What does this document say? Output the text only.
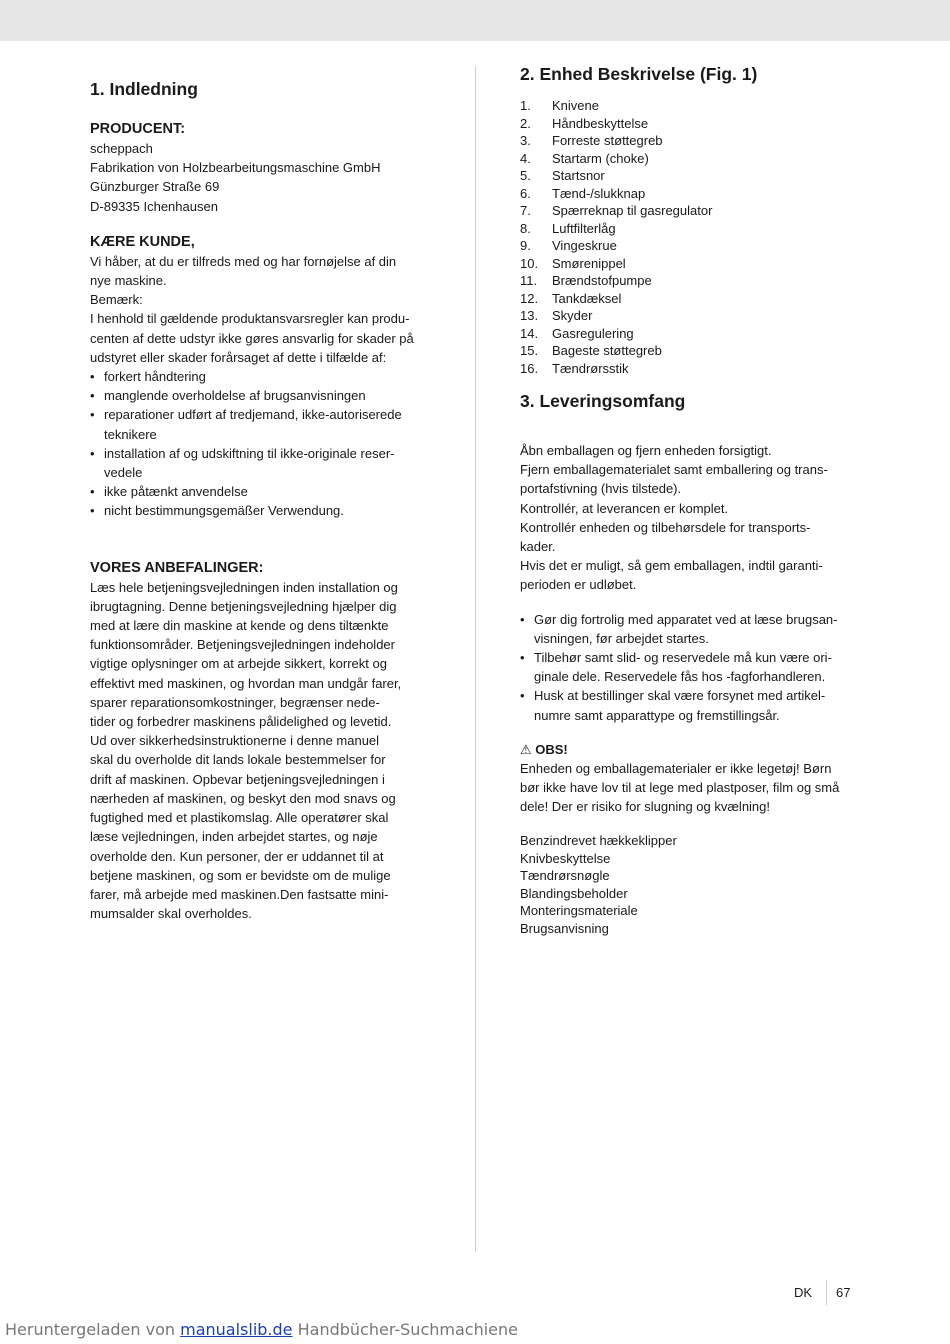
1. Indledning
PRODUCENT:

scheppach

Fabrikation von Holzbearbeitungsmaschine GmbH

Günzburger Straße 69

D-89335 Ichenhausen

KÆRE KUNDE,

Vi håber, at du er tilfreds med og har fornøjelse af din

nye maskine.

Bemærk:

I henhold til gældende produktansvarsregler kan produ-

centen af dette udstyr ikke gøres ansvarlig for skader på

udstyret eller skader forårsaget af dette i tilfælde af:

• forkert håndtering
• manglende overholdelse af brugsanvisningen
• reparationer udført af tredjemand, ikke-autoriserede teknikere
• installation af og udskiftning til ikke-originale reser- vedele
• ikke påtænkt anvendelse
• nicht bestimmungsgemäßer Verwendung.
VORES ANBEFALINGER:

Læs hele betjeningsvejledningen inden installation og

ibrugtagning. Denne betjeningsvejledning hjælper dig

med at lære din maskine at kende og dens tiltænkte

funktionsområder. Betjeningsvejledningen indeholder

vigtige oplysninger om at arbejde sikkert, korrekt og

effektivt med maskinen, og hvordan man undgår farer,

sparer reparationsomkostninger, begrænser nede-

tider og forbedrer maskinens pålidelighed og levetid.

Ud over sikkerhedsinstruktionerne i denne manuel

skal du overholde dit lands lokale bestemmelser for

drift af maskinen. Opbevar betjeningsvejledningen i

nærheden af maskinen, og beskyt den mod snavs og

fugtighed med et plastikomslag. Alle operatører skal

læse vejledningen, inden arbejdet startes, og nøje

overholde den. Kun personer, der er uddannet til at

betjene maskinen, og som er bevidste om de mulige

farer, må arbejde med maskinen.Den fastsatte mini-

mumsalder skal overholdes.

2. Enhed Beskrivelse (Fig. 1)
1.	Knivene
2.	Håndbeskyttelse
3.	Forreste støttegreb
4.	Startarm (choke)
5.	Startsnor
6.	Tænd-/slukknap
7.	Spærreknap til gasregulator
8.	Luftfilterlåg
9.	Vingeskrue
10.	Smørenippel
11.	Brændstofpumpe
12.	Tankdæksel
13.	Skyder
14.	Gasregulering
15.	Bageste støttegreb
16.	Tændrørsstik
3. Leveringsomfang

Åbn emballagen og fjern enheden forsigtigt.

Fjern emballagematerialet samt emballering og trans-

portafstivning (hvis tilstede).

Kontrollér, at leverancen er komplet.

Kontrollér enheden og tilbehørsdele for transports-

kader.

Hvis det er muligt, så gem emballagen, indtil garanti-

perioden er udløbet.

• Gør dig fortrolig med apparatet ved at læse brugsan- visningen, før arbejdet startes.
• Tilbehør samt slid- og reservedele må kun være ori- ginale dele. Reservedele fås hos -fagforhandleren.
• Husk at bestillinger skal være forsynet med artikel- numre samt apparattype og fremstillingsår.
⚠ OBS!

Enheden og emballagematerialer er ikke legetøj! Børn

bør ikke have lov til at lege med plastposer, film og små

dele! Der er risiko for slugning og kvælning!

Benzindrevet hækkeklipper
Knivbeskyttelse
Tændrørsnøgle
Blandingsbeholder
Monteringsmateriale
Brugsanvisning
DK 67
Heruntergeladen von manualslib.de Handbücher-Suchmachiene
